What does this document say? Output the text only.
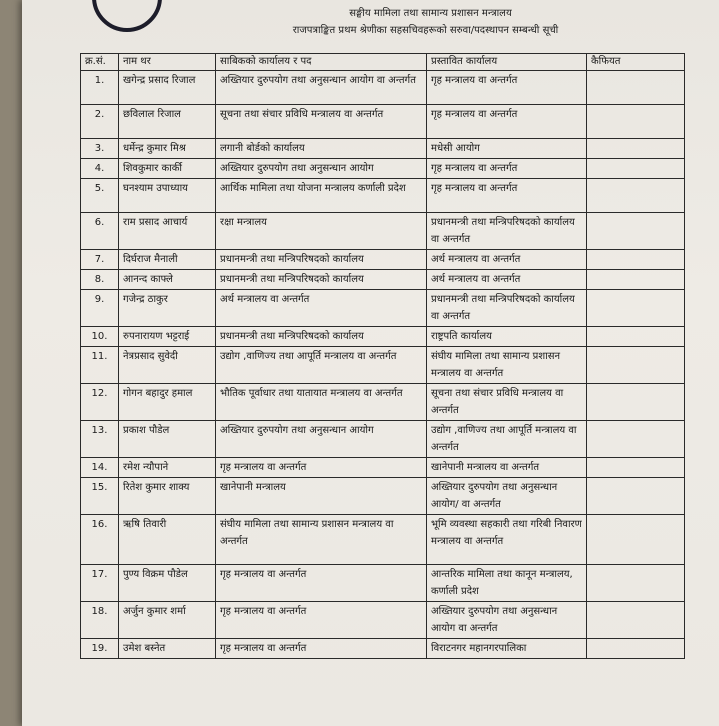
सङ्घीय मामिला तथा सामान्य प्रशासन मन्त्रालय
राजपत्राङ्कित प्रथम श्रेणीका सहसचिवहरूको सरुवा/पदस्थापन सम्बन्धी सूची
क्र.सं.	नाम थर	साबिकको कार्यालय र पद	प्रस्तावित कार्यालय	कैफियत
1.	खगेन्द्र प्रसाद रिजाल	अख्तियार दुरुपयोग तथा अनुसन्धान आयोग वा अन्तर्गत	गृह मन्त्रालय वा अन्तर्गत	
2.	छविलाल रिजाल	सूचना तथा संचार प्रविधि मन्त्रालय वा अन्तर्गत	गृह मन्त्रालय वा अन्तर्गत	
3.	धर्मेन्द्र कुमार मिश्र	लगानी बोर्डको कार्यालय	मधेसी आयोग	
4.	शिवकुमार कार्की	अख्तियार दुरुपयोग तथा अनुसन्धान आयोग	गृह मन्त्रालय वा अन्तर्गत	
5.	घनश्याम उपाध्याय	आर्थिक मामिला तथा योजना मन्त्रालय कर्णाली प्रदेश	गृह मन्त्रालय वा अन्तर्गत	
6.	राम प्रसाद आचार्य	रक्षा मन्त्रालय	प्रधानमन्त्री तथा मन्त्रिपरिषदको कार्यालय वा अन्तर्गत	
7.	दिर्घराज मैनाली	प्रधानमन्त्री तथा मन्त्रिपरिषदको कार्यालय	अर्थ मन्त्रालय वा अन्तर्गत	
8.	आनन्द काफ्ले	प्रधानमन्त्री तथा मन्त्रिपरिषदको कार्यालय	अर्थ मन्त्रालय वा अन्तर्गत	
9.	गजेन्द्र ठाकुर	अर्थ मन्त्रालय वा अन्तर्गत	प्रधानमन्त्री तथा मन्त्रिपरिषदको कार्यालय वा अन्तर्गत	
10.	रुपनारायण भट्टराई	प्रधानमन्त्री तथा मन्त्रिपरिषदको कार्यालय	राष्ट्रपति कार्यालय	
11.	नेत्रप्रसाद सुवेदी	उद्योग ,वाणिज्य तथा आपूर्ति मन्त्रालय वा अन्तर्गत	संघीय मामिला तथा सामान्य प्रशासन मन्त्रालय वा अन्तर्गत	
12.	गोगन बहादुर हमाल	भौतिक पूर्वाधार तथा यातायात मन्त्रालय वा अन्तर्गत	सूचना तथा संचार प्रविधि मन्त्रालय वा अन्तर्गत	
13.	प्रकाश पौडेल	अख्तियार दुरुपयोग तथा अनुसन्धान आयोग	उद्योग ,वाणिज्य तथा आपूर्ति मन्त्रालय वा अन्तर्गत	
14.	रमेश न्यौपाने	गृह मन्त्रालय वा अन्तर्गत	खानेपानी मन्त्रालय वा अन्तर्गत	
15.	रितेश कुमार शाक्य	खानेपानी मन्त्रालय	अख्तियार दुरुपयोग तथा अनुसन्धान आयोग/ वा अन्तर्गत	
16.	ऋषि तिवारी	संघीय मामिला तथा सामान्य प्रशासन मन्त्रालय वा अन्तर्गत	भूमि व्यवस्था सहकारी तथा गरिबी निवारण मन्त्रालय वा अन्तर्गत	
17.	पुण्य विक्रम पौडेल	गृह मन्त्रालय वा अन्तर्गत	आन्तरिक मामिला तथा कानून मन्त्रालय, कर्णाली प्रदेश	
18.	अर्जुन कुमार शर्मा	गृह मन्त्रालय वा अन्तर्गत	अख्तियार दुरुपयोग तथा अनुसन्धान आयोग वा अन्तर्गत	
19.	उमेश बस्नेत	गृह मन्त्रालय वा अन्तर्गत	विराटनगर महानगरपालिका	
